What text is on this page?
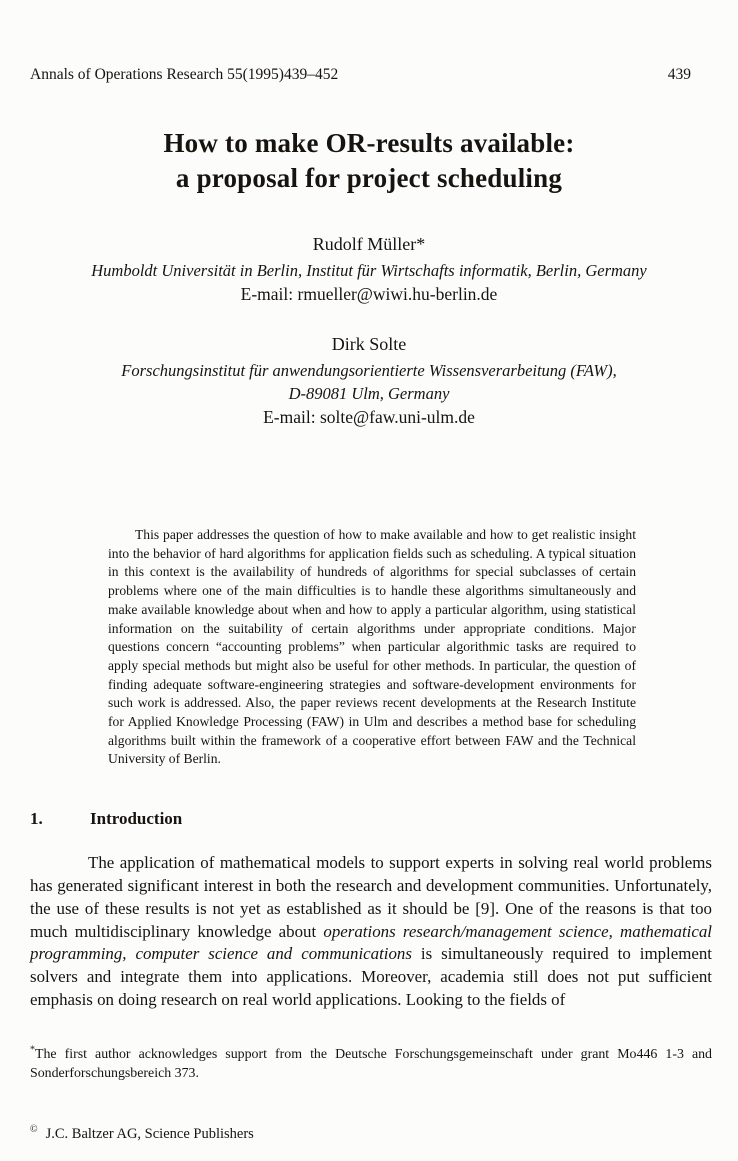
Annals of Operations Research 55(1995)439–452	439
How to make OR-results available:
a proposal for project scheduling
Rudolf Müller*
Humboldt Universität in Berlin, Institut für Wirtschafts informatik, Berlin, Germany
E-mail: rmueller@wiwi.hu-berlin.de
Dirk Solte
Forschungsinstitut für anwendungsorientierte Wissensverarbeitung (FAW),
D-89081 Ulm, Germany
E-mail: solte@faw.uni-ulm.de

This paper addresses the question of how to make available and how to get realistic insight into the behavior of hard algorithms for application fields such as scheduling. A typical situation in this context is the availability of hundreds of algorithms for special subclasses of certain problems where one of the main difficulties is to handle these algorithms simultaneously and make available knowledge about when and how to apply a particular algorithm, using statistical information on the suitability of certain algorithms under appropriate conditions. Major questions concern “accounting problems” when particular algorithmic tasks are required to apply special methods but might also be useful for other methods. In particular, the question of finding adequate software-engineering strategies and software-development environments for such work is addressed. Also, the paper reviews recent developments at the Research Institute for Applied Knowledge Processing (FAW) in Ulm and describes a method base for scheduling algorithms built within the framework of a cooperative effort between FAW and the Technical University of Berlin.

1.	Introduction

The application of mathematical models to support experts in solving real world problems has generated significant interest in both the research and development communities. Unfortunately, the use of these results is not yet as established as it should be [9]. One of the reasons is that too much multidisciplinary knowledge about operations research/management science, mathematical programming, computer science and communications is simultaneously required to implement solvers and integrate them into applications. Moreover, academia still does not put sufficient emphasis on doing research on real world applications. Looking to the fields of

*The first author acknowledges support from the Deutsche Forschungsgemeinschaft under grant Mo446 1-3 and Sonderforschungsbereich 373.
© J.C. Baltzer AG, Science Publishers
